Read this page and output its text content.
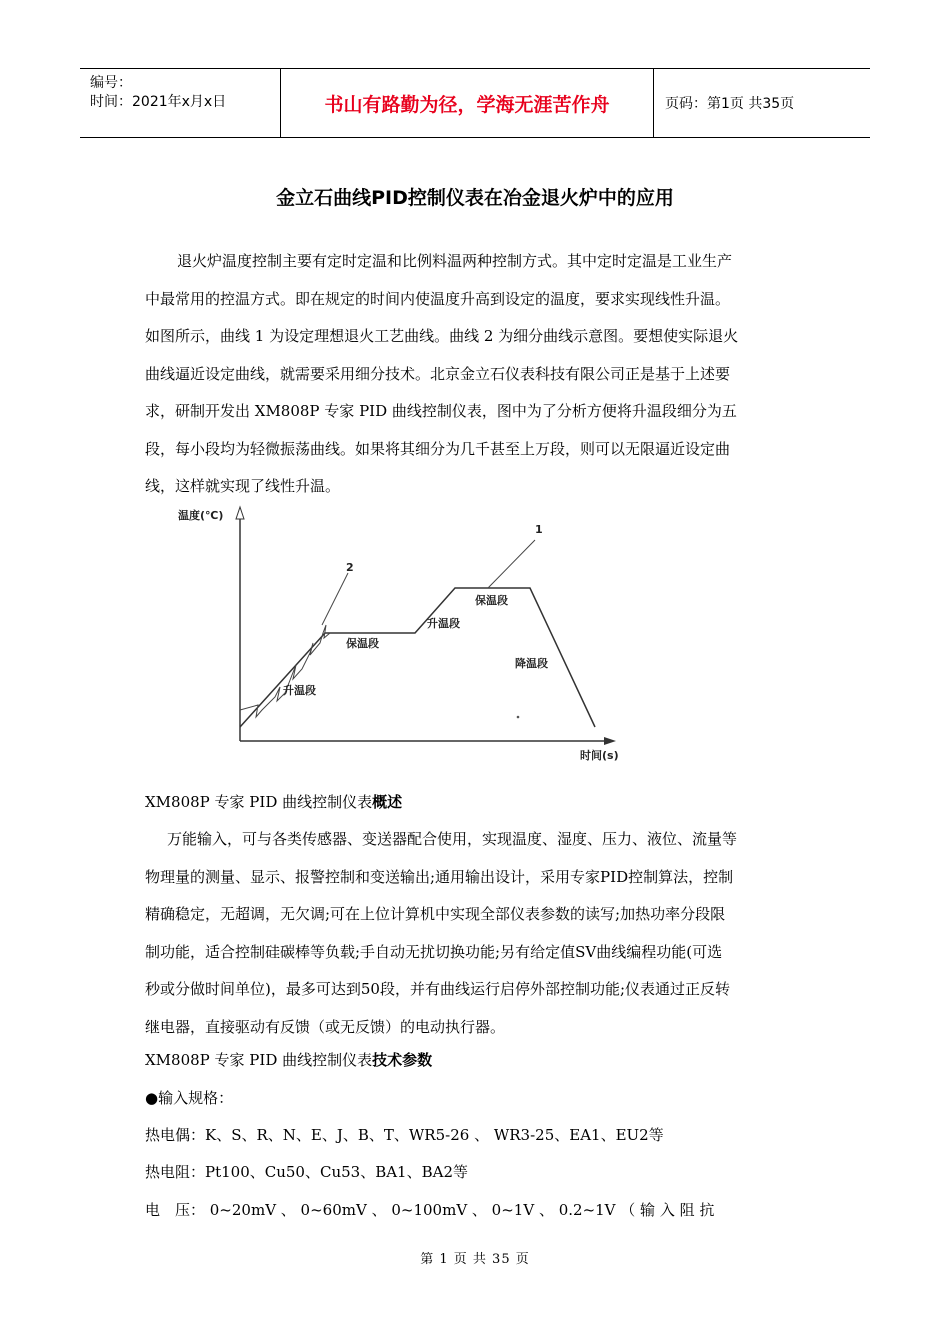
编号：
时间：2021年x月x日	书山有路勤为径，学海无涯苦作舟	页码：第1页 共35页
金立石曲线PID控制仪表在冶金退火炉中的应用
退火炉温度控制主要有定时定温和比例料温两种控制方式。其中定时定温是工业生产
中最常用的控温方式。即在规定的时间内使温度升高到设定的温度，要求实现线性升温。
如图所示，曲线 1 为设定理想退火工艺曲线。曲线 2 为细分曲线示意图。要想使实际退火
曲线逼近设定曲线，就需要采用细分技术。北京金立石仪表科技有限公司正是基于上述要
求，研制开发出 XM808P 专家 PID 曲线控制仪表，图中为了分析方便将升温段细分为五
段，每小段均为轻微振荡曲线。如果将其细分为几千甚至上万段，则可以无限逼近设定曲
线，这样就实现了线性升温。
温度(℃)
时间(s)
1
2
升温段
保温段
升温段
保温段
降温段
XM808P 专家 PID 曲线控制仪表概述
万能输入，可与各类传感器、变送器配合使用，实现温度、湿度、压力、液位、流量等
物理量的测量、显示、报警控制和变送输出;通用输出设计，采用专家PID控制算法，控制
精确稳定，无超调，无欠调;可在上位计算机中实现全部仪表参数的读写;加热功率分段限
制功能，适合控制硅碳棒等负载;手自动无扰切换功能;另有给定值SV曲线编程功能(可选
秒或分做时间单位)，最多可达到50段，并有曲线运行启停外部控制功能;仪表通过正反转
继电器，直接驱动有反馈（或无反馈）的电动执行器。
XM808P 专家 PID 曲线控制仪表技术参数
●输入规格：
热电偶：K、S、R、N、E、J、B、T、WR5-26 、 WR3-25、EA1、EU2等
热电阻：Pt100、Cu50、Cu53、BA1、BA2等
电　压： 0~20mV 、 0~60mV 、 0~100mV 、 0~1V 、 0.2~1V （ 输 入 阻 抗
第 1 页 共 35 页
